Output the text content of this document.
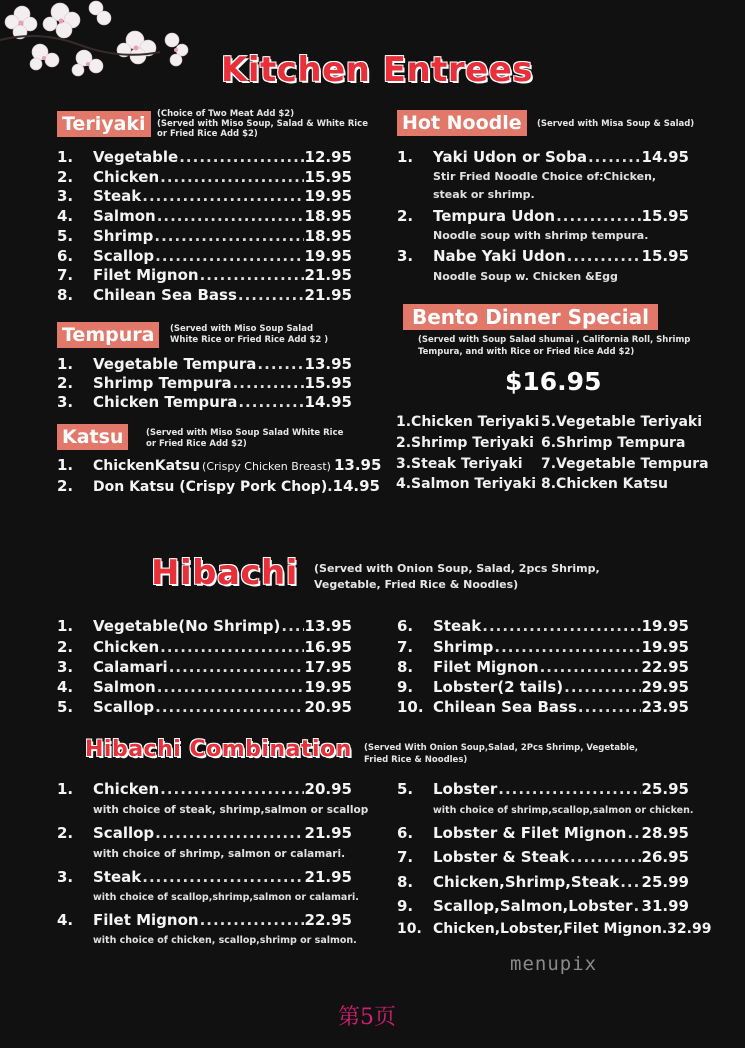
Kitchen Entrees
Teriyaki	(Choice of Two Meat Add $2)
(Served with Miso Soup, Salad & White Rice
or Fried Rice Add $2)
1.	Vegetable .....	12.95
2.	Chicken .....	15.95
3.	Steak .....	19.95
4.	Salmon .....	18.95
5.	Shrimp .....	18.95
6.	Scallop .....	19.95
7.	Filet Mignon .....	21.95
8.	Chilean Sea Bass .....	21.95
Tempura	(Served with Miso Soup Salad
White Rice or Fried Rice Add $2 )
1.	Vegetable Tempura .....	13.95
2.	Shrimp Tempura .....	15.95
3.	Chicken Tempura .....	14.95
Katsu	(Served with Miso Soup Salad White Rice
or Fried Rice Add $2)
1.	ChickenKatsu (Crispy Chicken Breast) 13.95
2.	Don Katsu (Crispy Pork Chop). 14.95
Hot Noodle	(Served with Misa Soup & Salad)
1.	Yaki Udon or Soba .....	14.95
Stir Fried Noodle Choice of:Chicken,
steak or shrimp.
2.	Tempura Udon .....	15.95
Noodle soup with shrimp tempura.
3.	Nabe Yaki Udon .....	15.95
Noodle Soup w. Chicken &Egg
Bento Dinner Special
(Served with Soup Salad shumai , California Roll, Shrimp
Tempura, and with Rice or Fried Rice Add $2)
$16.95
1.Chicken Teriyaki
2.Shrimp Teriyaki
3.Steak Teriyaki
4.Salmon Teriyaki
5.Vegetable Teriyaki
6.Shrimp Tempura
7.Vegetable Tempura
8.Chicken Katsu
Hibachi (Served with Onion Soup, Salad, 2pcs Shrimp,
Vegetable, Fried Rice & Noodles)
1.	Vegetable(No Shrimp) ..... 13.95
2.	Chicken .....	16.95
3.	Calamari .....	17.95
4.	Salmon .....	19.95
5.	Scallop .....	20.95
6.	Steak .....	19.95
7.	Shrimp .....	19.95
8.	Filet Mignon .....	22.95
9.	Lobster(2 tails) .....	29.95
10. Chilean Sea Bass .....	23.95
Hibachi Combination (Served With Onion Soup,Salad, 2Pcs Shrimp, Vegetable,
Fried Rice & Noodles)
1.	Chicken .....	20.95
with choice of steak, shrimp,salmon or scallop
2.	Scallop .....	21.95
with choice of shrimp, salmon or calamari.
3.	Steak .....	21.95
with choice of scallop,shrimp,salmon or calamari.
4.	Filet Mignon .....	22.95
with choice of chicken, scallop,shrimp or salmon.
5.	Lobster .....	25.95
with choice of shrimp,scallop,salmon or chicken.
6.	Lobster & Filet Mignon ..... 28.95
7.	Lobster & Steak .....	26.95
8.	Chicken,Shrimp,Steak ..... 25.99
9.	Scallop,Salmon,Lobster ..... 31.99
10. Chicken,Lobster,Filet Mignon. 32.99
menupix
第5页
